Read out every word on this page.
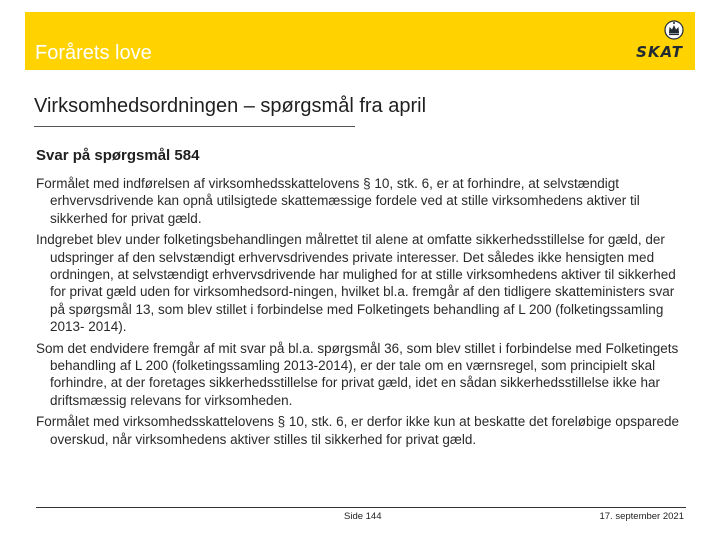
Forårets love	SKAT
Virksomhedsordningen – spørgsmål fra april
Svar på spørgsmål 584

Formålet med indførelsen af virksomhedsskattelovens § 10, stk. 6, er at forhindre, at selvstændigt erhvervsdrivende kan opnå utilsigtede skattemæssige fordele ved at stille virksomhedens aktiver til sikkerhed for privat gæld.

Indgrebet blev under folketingsbehandlingen målrettet til alene at omfatte sikkerhedsstillelse for gæld, der udspringer af den selvstændigt erhvervsdrivendes private interesser. Det således ikke hensigten med ordningen, at selvstændigt erhvervsdrivende har mulighed for at stille virksomhedens aktiver til sikkerhed for privat gæld uden for virksomhedsord-ningen, hvilket bl.a. fremgår af den tidligere skatteministers svar på spørgsmål 13, som blev stillet i forbindelse med Folketingets behandling af L 200 (folketingssamling 2013- 2014).

Som det endvidere fremgår af mit svar på bl.a. spørgsmål 36, som blev stillet i forbindelse med Folketingets behandling af L 200 (folketingssamling 2013-2014), er der tale om en værnsregel, som principielt skal forhindre, at der foretages sikkerhedsstillelse for privat gæld, idet en sådan sikkerhedsstillelse ikke har driftsmæssig relevans for virksomheden.

Formålet med virksomhedsskattelovens § 10, stk. 6, er derfor ikke kun at beskatte det foreløbige opsparede overskud, når virksomhedens aktiver stilles til sikkerhed for privat gæld.

Side 144	17. september 2021
